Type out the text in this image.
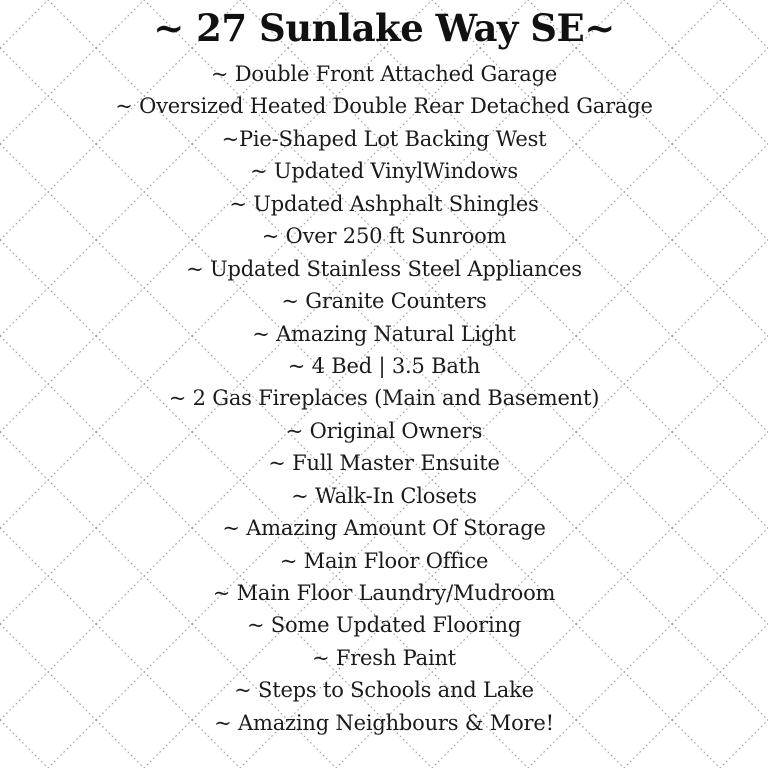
~ 27 Sunlake Way SE~
~ Double Front Attached Garage
~ Oversized Heated Double Rear Detached Garage
~Pie-Shaped Lot Backing West
~ Updated VinylWindows
~ Updated Ashphalt Shingles
~ Over 250 ft Sunroom
~ Updated Stainless Steel Appliances
~ Granite Counters
~ Amazing Natural Light
~ 4 Bed | 3.5 Bath
~ 2 Gas Fireplaces (Main and Basement)
~ Original Owners
~ Full Master Ensuite
~ Walk-In Closets
~ Amazing Amount Of Storage
~ Main Floor Office
~ Main Floor Laundry/Mudroom
~ Some Updated Flooring
~ Fresh Paint
~ Steps to Schools and Lake
~ Amazing Neighbours & More!
